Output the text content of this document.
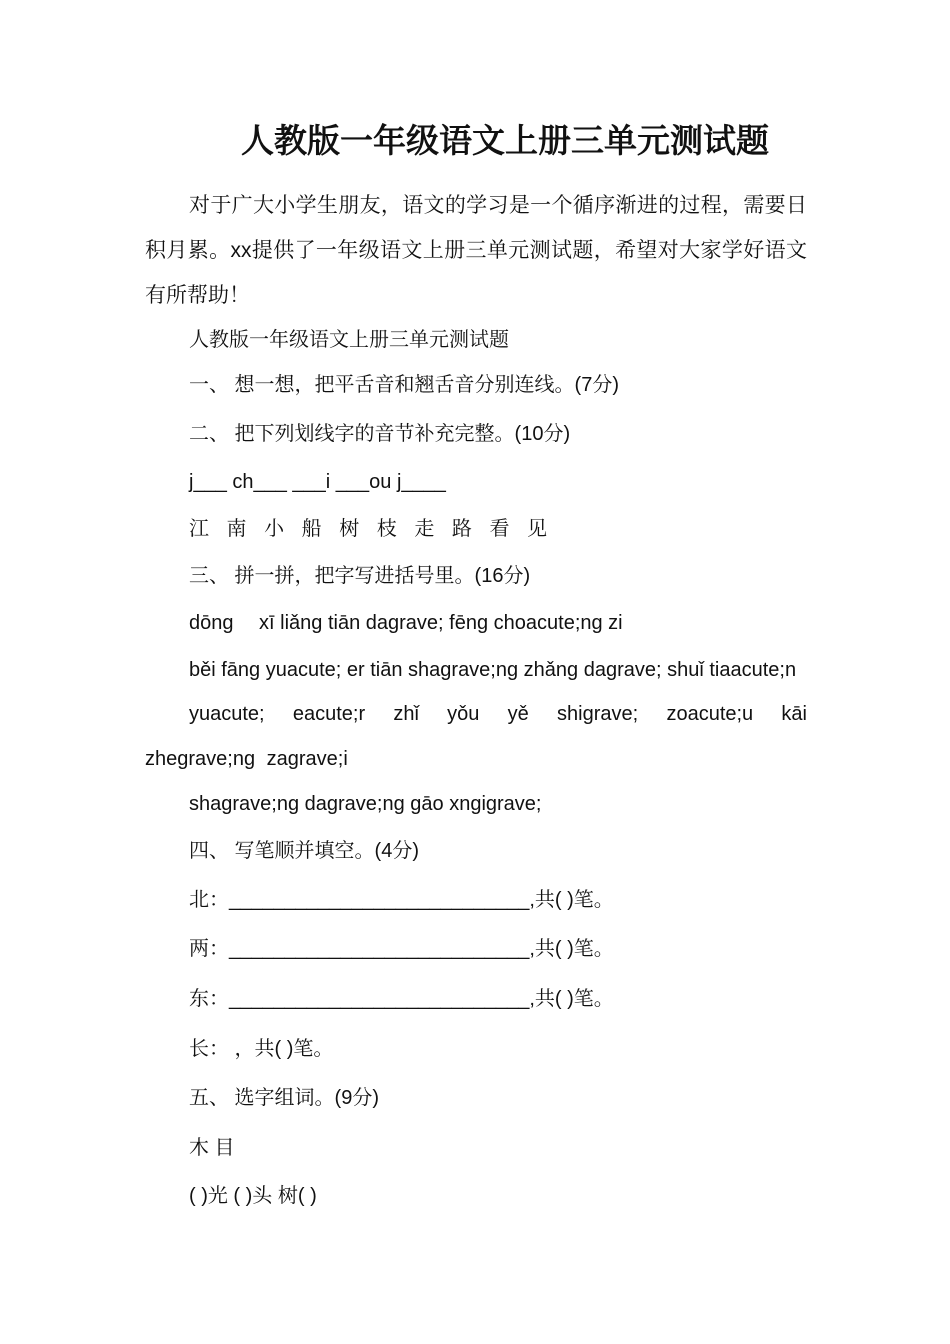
人教版一年级语文上册三单元测试题
对于广大小学生朋友，语文的学习是一个循序渐进的过程，需要日积月累。xx提供了一年级语文上册三单元测试题，希望对大家学好语文有所帮助！
人教版一年级语文上册三单元测试题
一、 想一想，把平舌音和翘舌音分别连线。(7分)
二、 把下列划线字的音节补充完整。(10分)
j___ ch___ ___i ___ou j____
江 南 小 船 树 枝 走 路 看 见
三、 拼一拼，把字写进括号里。(16分)
dōng　 xī liǎng tiān dagrave; fēng choacute;ng zi
běi fāng yuacute; er tiān shagrave;ng zhǎng dagrave; shuǐ tiaacute;n
yuacute; eacute;r zhǐ yǒu yě shigrave; zoacute;u kāi zhegrave;ng zagrave;i
shagrave;ng dagrave;ng gāo xngigrave;
四、 写笔顺并填空。(4分)
北：___________________________,共( )笔。
两：___________________________,共( )笔。
东：___________________________,共( )笔。
长： ，共( )笔。
五、 选字组词。(9分)
木 目
( )光 ( )头 树( )
